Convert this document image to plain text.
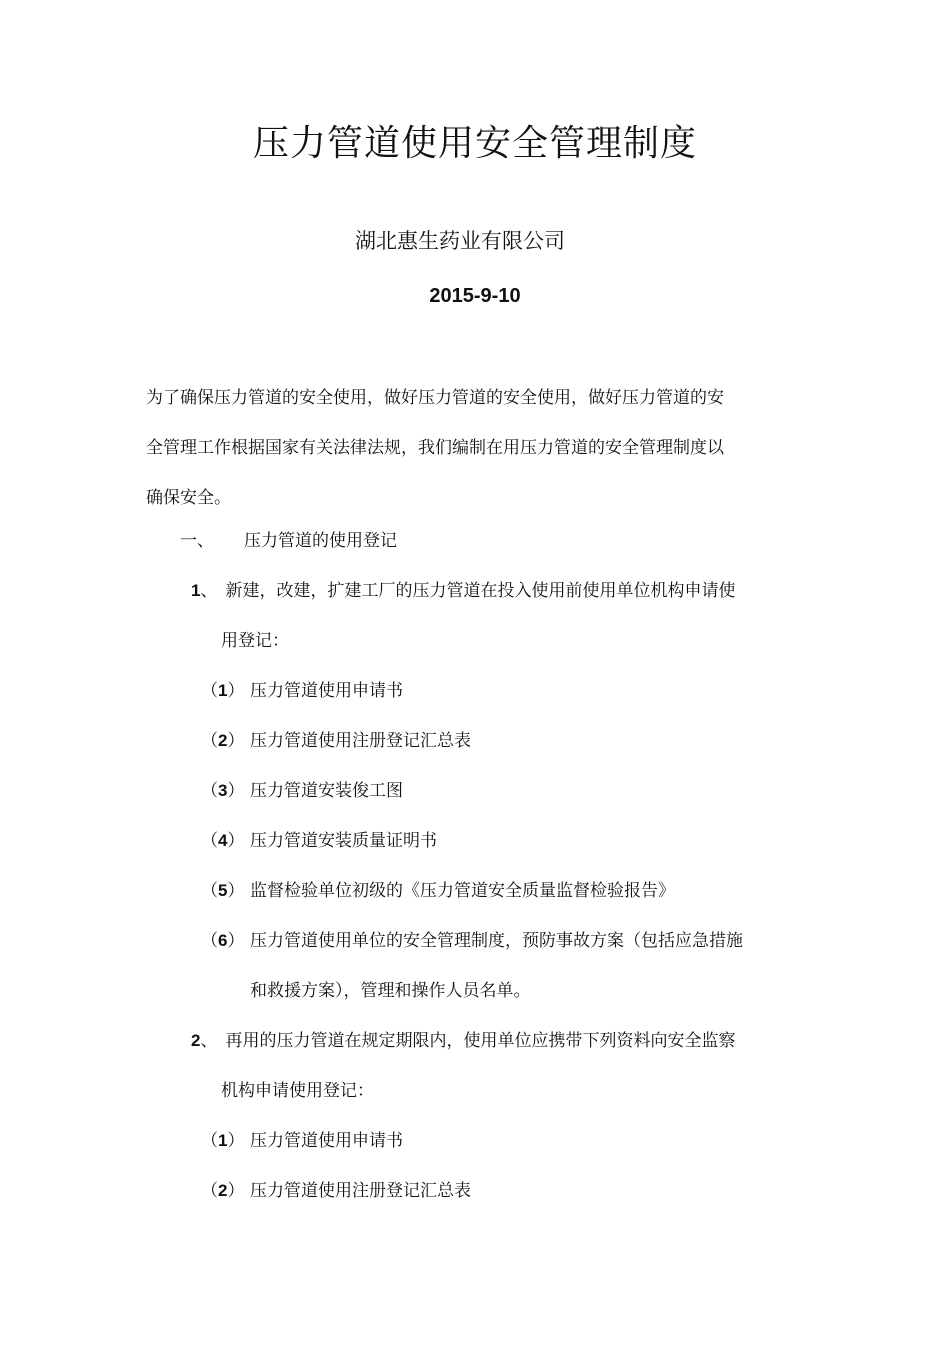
压力管道使用安全管理制度
湖北惠生药业有限公司
2015-9-10
为了确保压力管道的安全使用，做好压力管道的安全使用，做好压力管道的安
全管理工作根据国家有关法律法规，我们编制在用压力管道的安全管理制度以
确保安全。
一、 压力管道的使用登记
1、 新建，改建，扩建工厂的压力管道在投入使用前使用单位机构申请使
用登记：
（1） 压力管道使用申请书
（2） 压力管道使用注册登记汇总表
（3） 压力管道安装俊工图
（4） 压力管道安装质量证明书
（5） 监督检验单位初级的《压力管道安全质量监督检验报告》
（6） 压力管道使用单位的安全管理制度，预防事故方案（包括应急措施
和救援方案），管理和操作人员名单。
2、 再用的压力管道在规定期限内，使用单位应携带下列资料向安全监察
机构申请使用登记：
（1） 压力管道使用申请书
（2） 压力管道使用注册登记汇总表
